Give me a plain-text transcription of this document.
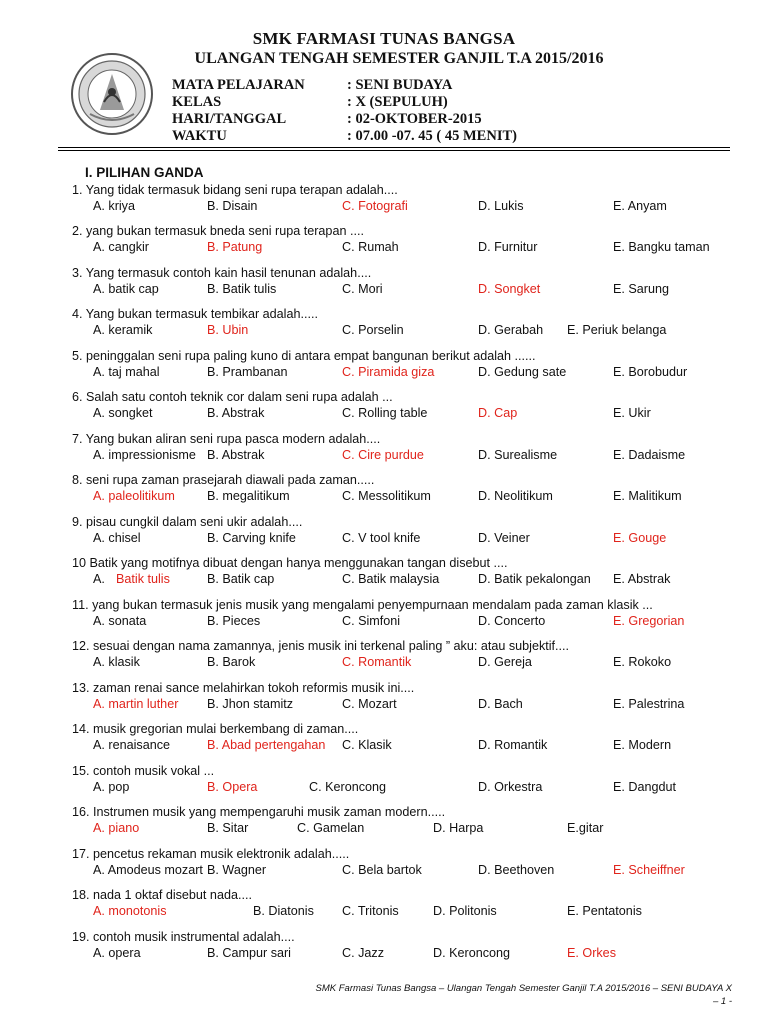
SMK FARMASI TUNAS BANGSA
ULANGAN TENGAH SEMESTER GANJIL T.A 2015/2016
MATA PELAJARAN	: SENI BUDAYA
KELAS	: X (SEPULUH)
HARI/TANGGAL	: 02-OKTOBER-2015
WAKTU	: 07.00 -07. 45 ( 45 MENIT)
I. PILIHAN GANDA
1. Yang tidak termasuk bidang seni rupa terapan adalah....
A. kriya	B. Disain	C. Fotografi	D. Lukis	E. Anyam
2. yang bukan termasuk bneda seni rupa terapan ....
A. cangkir	B. Patung	C. Rumah	D. Furnitur	E. Bangku taman
3. Yang termasuk contoh kain hasil tenunan adalah....
A. batik cap	B. Batik tulis	C. Mori	D. Songket	E. Sarung
4. Yang bukan termasuk tembikar adalah.....
A. keramik	B. Ubin	C. Porselin	D. Gerabah E. Periuk belanga
5. peninggalan seni rupa paling kuno di antara empat bangunan berikut adalah ......
A. taj mahal	B. Prambanan	C. Piramida giza	D. Gedung sate	E. Borobudur
6. Salah satu contoh teknik cor dalam seni rupa adalah ...
A. songket	B. Abstrak	C. Rolling table	D. Cap	E. Ukir
7. Yang bukan aliran seni rupa pasca modern adalah....
A. impressionisme B. Abstrak	C. Cire purdue	D. Surealisme	E. Dadaisme
8. seni rupa zaman prasejarah diawali pada zaman.....
A. paleolitikum	B. megalitikum	C. Messolitikum	D. Neolitikum	E. Malitikum
9. pisau cungkil dalam seni ukir adalah....
A. chisel	B. Carving knife	C. V tool knife	D. Veiner	E. Gouge
10 Batik yang motifnya dibuat dengan hanya menggunakan tangan disebut ....
A. Batik tulis	B. Batik cap	C. Batik malaysia	D. Batik pekalongan E. Abstrak
11. yang bukan termasuk jenis musik yang mengalami penyempurnaan mendalam pada zaman klasik ...
A. sonata	B. Pieces	C. Simfoni	D. Concerto	E. Gregorian
12. sesuai dengan nama zamannya, jenis musik ini terkenal paling ” aku: atau subjektif....
A. klasik	B. Barok	C. Romantik	D. Gereja	E. Rokoko
13. zaman renai sance melahirkan tokoh reformis musik ini....
A. martin luther B. Jhon stamitz	C. Mozart	D. Bach	E. Palestrina
14. musik gregorian mulai berkembang di zaman....
A. renaisance	B. Abad pertengahan C. Klasik	D. Romantik	E. Modern
15. contoh musik vokal ...
A. pop	B. Opera	C. Keroncong	D. Orkestra	E. Dangdut
16. Instrumen musik yang mempengaruhi musik zaman modern.....
A. piano	B. Sitar	C. Gamelan	D. Harpa	E.gitar
17. pencetus rekaman musik elektronik adalah.....
A. Amodeus mozart B. Wagner	C. Bela bartok	D. Beethoven	E. Scheiffner
18. nada 1 oktaf disebut nada....
A. monotonis	B. Diatonis C. Tritonis	D. Politonis	E. Pentatonis
19. contoh musik instrumental adalah....
A. opera	B. Campur sari	C. Jazz	D. Keroncong	E. Orkes
SMK Farmasi Tunas Bangsa – Ulangan Tengah Semester Ganjil T.A 2015/2016 – SENI BUDAYA X
– 1 -
